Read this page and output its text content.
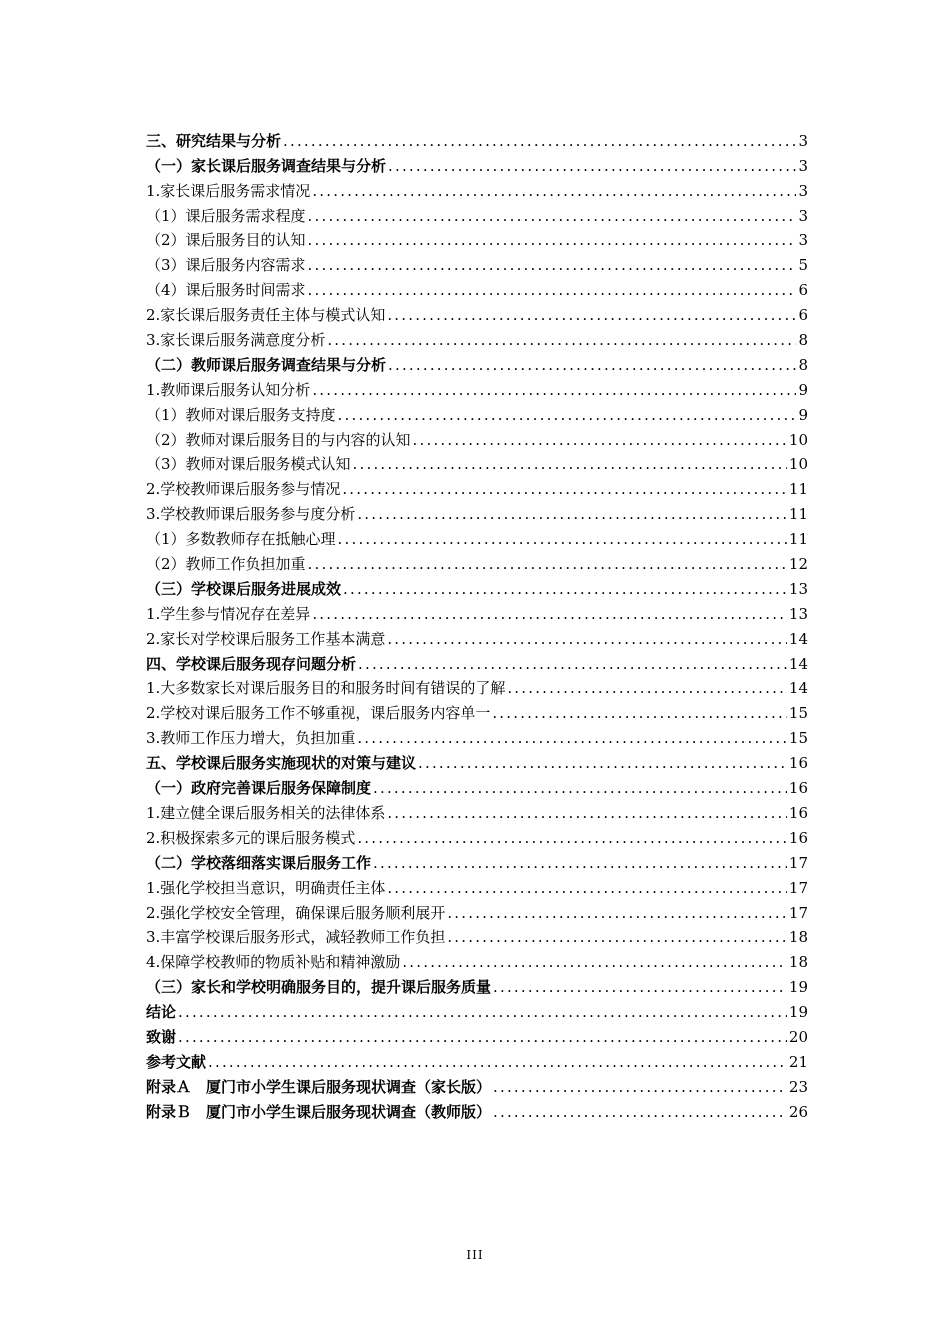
三、研究结果与分析 .....	3
（一）家长课后服务调查结果与分析 .....	3
1.家长课后服务需求情况 .....	3
（1）课后服务需求程度 .....	3
（2）课后服务目的认知 .....	3
（3）课后服务内容需求 .....	5
（4）课后服务时间需求 .....	6
2.家长课后服务责任主体与模式认知 .....	6
3.家长课后服务满意度分析 .....	8
（二）教师课后服务调查结果与分析 .....	8
1.教师课后服务认知分析 .....	9
（1）教师对课后服务支持度 .....	9
（2）教师对课后服务目的与内容的认知 .....	10
（3）教师对课后服务模式认知 .....	10
2.学校教师课后服务参与情况 .....	11
3.学校教师课后服务参与度分析 .....	11
（1）多数教师存在抵触心理 .....	11
（2）教师工作负担加重 .....	12
（三）学校课后服务进展成效 .....	13
1.学生参与情况存在差异 .....	13
2.家长对学校课后服务工作基本满意 .....	14
四、学校课后服务现存问题分析 .....	14
1.大多数家长对课后服务目的和服务时间有错误的了解 .....	14
2.学校对课后服务工作不够重视，课后服务内容单一 .....	15
3.教师工作压力增大，负担加重 .....	15
五、学校课后服务实施现状的对策与建议 .....	16
（一）政府完善课后服务保障制度 .....	16
1.建立健全课后服务相关的法律体系 .....	16
2.积极探索多元的课后服务模式 .....	16
（二）学校落细落实课后服务工作 .....	17
1.强化学校担当意识，明确责任主体 .....	17
2.强化学校安全管理，确保课后服务顺利展开 .....	17
3.丰富学校课后服务形式，减轻教师工作负担 .....	18
4.保障学校教师的物质补贴和精神激励 .....	18
（三）家长和学校明确服务目的，提升课后服务质量 .....	19
结论 .....	19
致谢 .....	20
参考文献 .....	21
附录Ａ　厦门市小学生课后服务现状调查（家长版） .....	23
附录Ｂ　厦门市小学生课后服务现状调查（教师版） .....	26
III
